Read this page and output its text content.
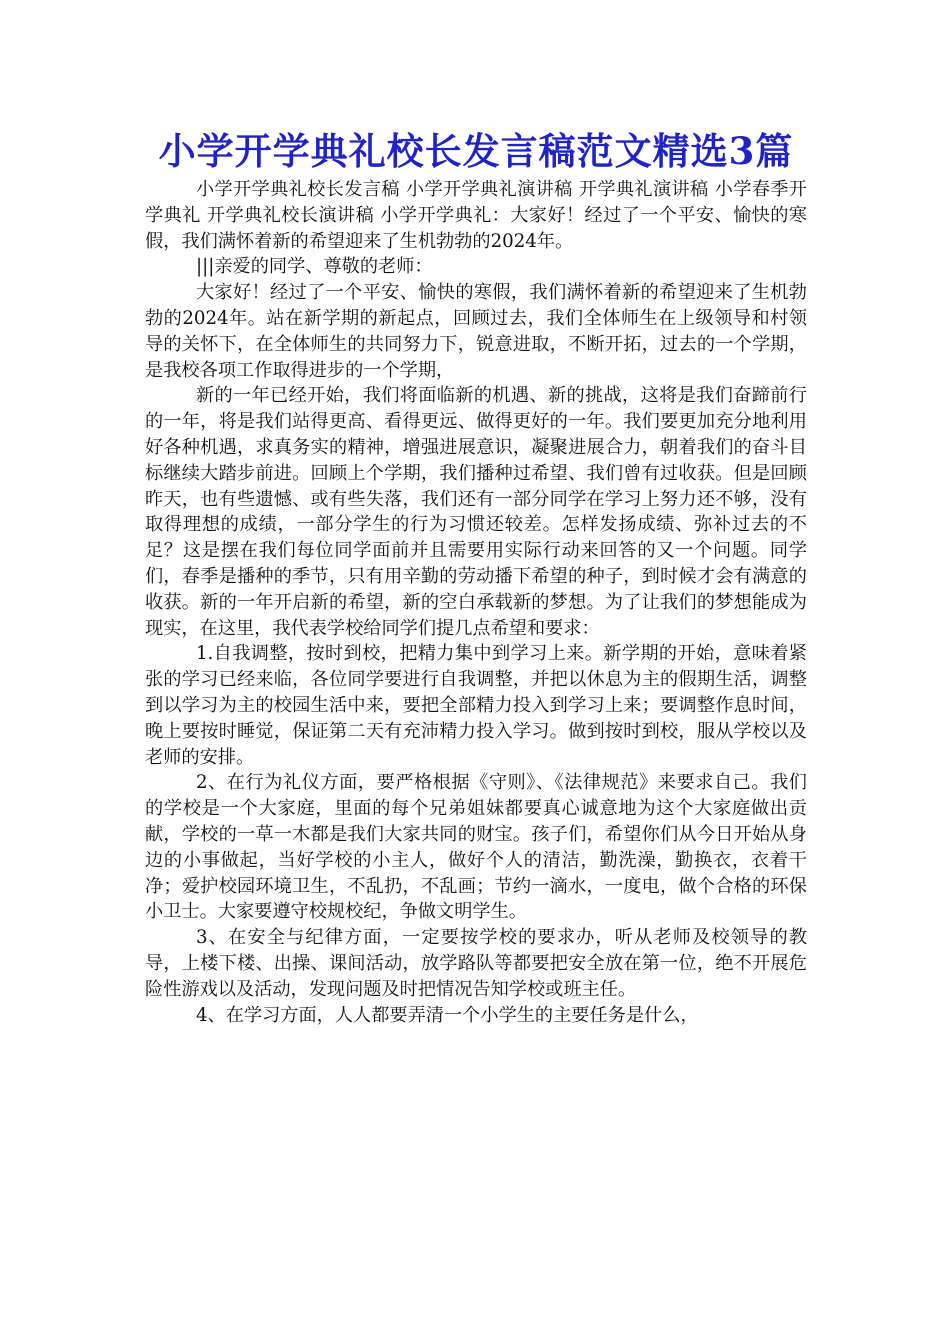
小学开学典礼校长发言稿范文精选3篇

小学开学典礼校长发言稿 小学开学典礼演讲稿 开学典礼演讲稿 小学春季开学典礼 开学典礼校长演讲稿 小学开学典礼：大家好！经过了一个平安、愉快的寒假，我们满怀着新的希望迎来了生机勃勃的2024年。

|||亲爱的同学、尊敬的老师：

大家好！经过了一个平安、愉快的寒假，我们满怀着新的希望迎来了生机勃勃的2024年。站在新学期的新起点，回顾过去，我们全体师生在上级领导和村领导的关怀下，在全体师生的共同努力下，锐意进取，不断开拓，过去的一个学期，是我校各项工作取得进步的一个学期，

新的一年已经开始，我们将面临新的机遇、新的挑战，这将是我们奋蹄前行的一年，将是我们站得更高、看得更远、做得更好的一年。我们要更加充分地利用好各种机遇，求真务实的精神，增强进展意识，凝聚进展合力，朝着我们的奋斗目标继续大踏步前进。回顾上个学期，我们播种过希望、我们曾有过收获。但是回顾昨天，也有些遗憾、或有些失落，我们还有一部分同学在学习上努力还不够，没有取得理想的成绩，一部分学生的行为习惯还较差。怎样发扬成绩、弥补过去的不足？这是摆在我们每位同学面前并且需要用实际行动来回答的又一个问题。同学们，春季是播种的季节，只有用辛勤的劳动播下希望的种子，到时候才会有满意的收获。新的一年开启新的希望，新的空白承载新的梦想。为了让我们的梦想能成为现实，在这里，我代表学校给同学们提几点希望和要求：

1.自我调整，按时到校，把精力集中到学习上来。新学期的开始，意味着紧张的学习已经来临，各位同学要进行自我调整，并把以休息为主的假期生活，调整到以学习为主的校园生活中来，要把全部精力投入到学习上来；要调整作息时间，晚上要按时睡觉，保证第二天有充沛精力投入学习。做到按时到校，服从学校以及老师的安排。

2、在行为礼仪方面，要严格根据《守则》、《法律规范》来要求自己。我们的学校是一个大家庭，里面的每个兄弟姐妹都要真心诚意地为这个大家庭做出贡献，学校的一草一木都是我们大家共同的财宝。孩子们，希望你们从今日开始从身边的小事做起，当好学校的小主人，做好个人的清洁，勤洗澡，勤换衣，衣着干净；爱护校园环境卫生，不乱扔，不乱画；节约一滴水，一度电，做个合格的环保小卫士。大家要遵守校规校纪，争做文明学生。

3、在安全与纪律方面，一定要按学校的要求办，听从老师及校领导的教导，上楼下楼、出操、课间活动，放学路队等都要把安全放在第一位，绝不开展危险性游戏以及活动，发现问题及时把情况告知学校或班主任。

4、在学习方面，人人都要弄清一个小学生的主要任务是什么，
